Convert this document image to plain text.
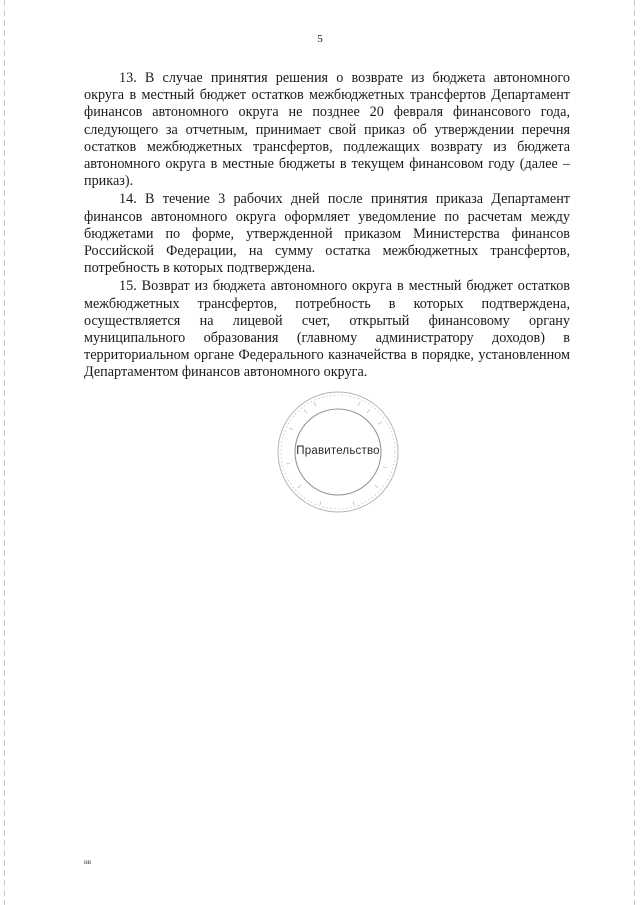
5

13. В случае принятия решения о возврате из бюджета автономного округа в местный бюджет остатков межбюджетных трансфертов Департамент финансов автономного округа не позднее 20 февраля финансового года, следующего за отчетным, принимает свой приказ об утверждении перечня остатков межбюджетных трансфертов, подлежащих возврату из бюджета автономного округа в местные бюджеты в текущем финансовом году (далее – приказ).

14. В течение 3 рабочих дней после принятия приказа Департамент финансов автономного округа оформляет уведомление по расчетам между бюджетами по форме, утвержденной приказом Министерства финансов Российской Федерации, на сумму остатка межбюджетных трансфертов, потребность в которых подтверждена.

15. Возврат из бюджета автономного округа в местный бюджет остатков межбюджетных трансфертов, потребность в которых подтверждена, осуществляется на лицевой счет, открытый финансовому органу муниципального образования (главному администратору доходов) в территориальном органе Федерального казначейства в порядке, установленном Департаментом финансов автономного округа.

Правительство
нв
